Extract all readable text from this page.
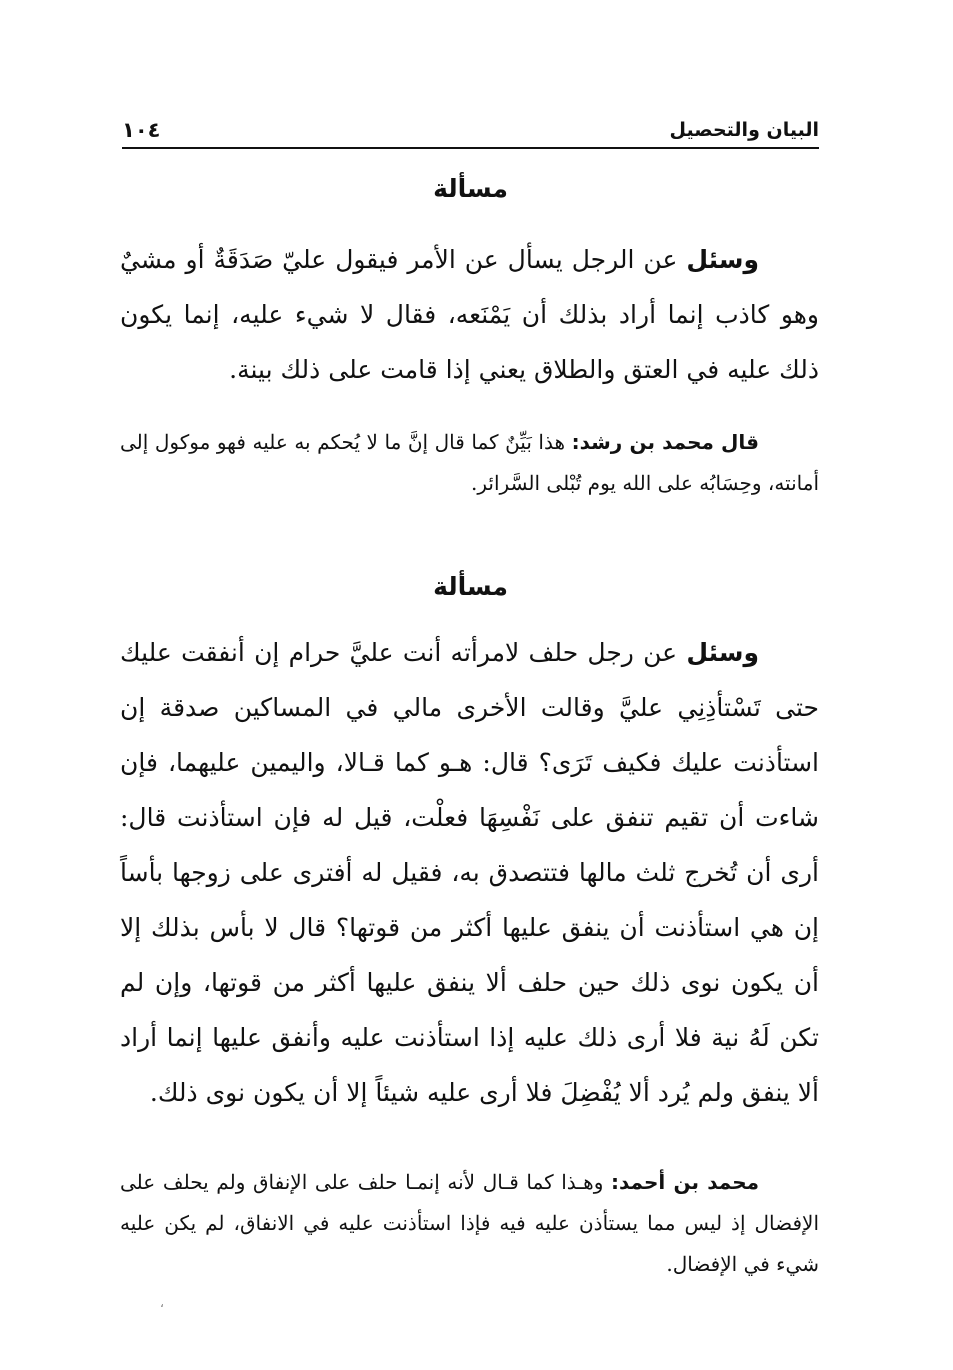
البيان والتحصيل
١٠٤
مسألة

وسئل عن الرجل يسأل عن الأمر فيقول عليّ صَدَقَةٌ أو مشيٌ وهو كاذب إنما أراد بذلك أن يَمْنَعه، فقال لا شيء عليه، إنما يكون ذلك عليه في العتق والطلاق يعني إذا قامت على ذلك بينة.

قال محمد بن رشد: هذا بَيِّنٌ كما قال إنَّ ما لا يُحكم به عليه فهو موكول إلى أمانته، وحِسَابُه على الله يوم تُبْلى السَّرائر.

مسألة

وسئل عن رجل حلف لامرأته أنت عليَّ حرام إن أنفقت عليك حتى تَسْتأذِنِي عليَّ وقالت الأخرى مالي في المساكين صدقة إن استأذنت عليك فكيف تَرَى؟ قال: هـو كما قـالا، واليمين عليهما، فإن شاءت أن تقيم تنفق على نَفْسِهَا فعلْت، قيل له فإن استأذنت قال: أرى أن تُخرج ثلث مالها فتتصدق به، فقيل له أفترى على زوجها بأساً إن هي استأذنت أن ينفق عليها أكثر من قوتها؟ قال لا بأس بذلك إلا أن يكون نوى ذلك حين حلف ألا ينفق عليها أكثر من قوتها، وإن لم تكن لَهُ نية فلا أرى ذلك عليه إذا استأذنت عليه وأنفق عليها إنما أراد ألا ينفق ولم يُرد ألا يُفْضِلَ فلا أرى عليه شيئاً إلا أن يكون نوى ذلك.

محمد بن أحمد: وهـذا كما قـال لأنه إنمـا حلف على الإنفاق ولم يحلف على الإفضال إذ ليس مما يستأذن عليه فيه فإذا استأذنت عليه في الانفاق، لم يكن عليه شيء في الإفضال.

،
